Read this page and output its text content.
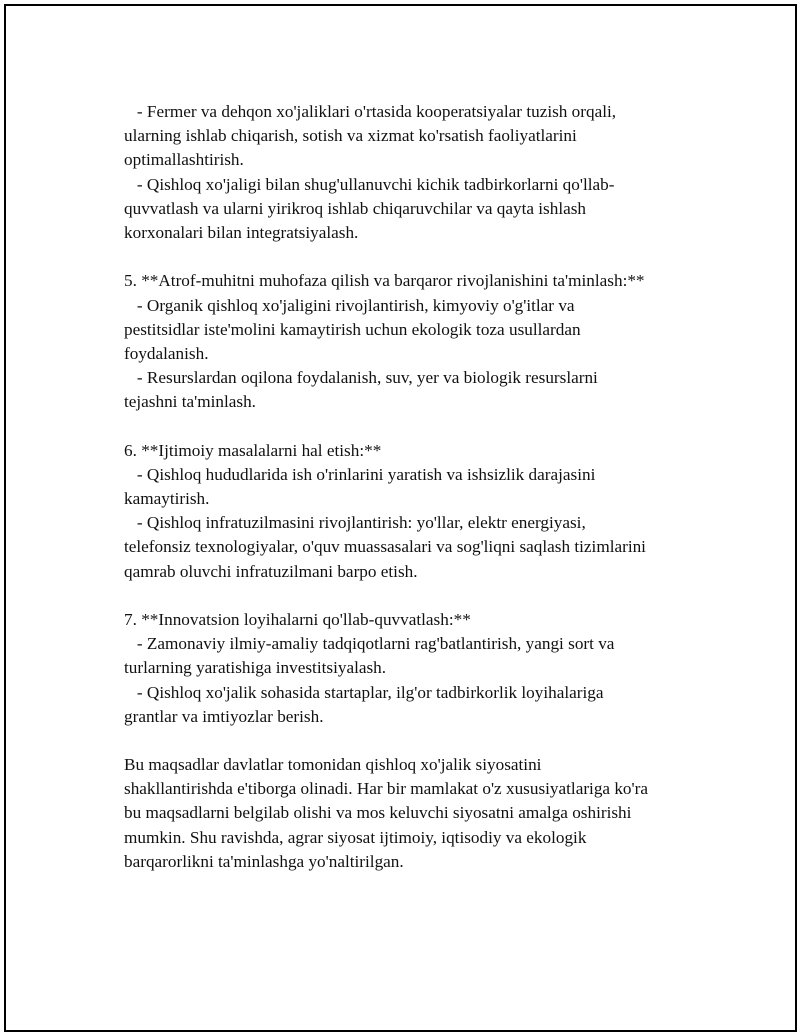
- Fermer va dehqon xo'jaliklari o'rtasida kooperatsiyalar tuzish orqali,
ularning ishlab chiqarish, sotish va xizmat ko'rsatish faoliyatlarini
optimallashtirish.
- Qishloq xo'jaligi bilan shug'ullanuvchi kichik tadbirkorlarni qo'llab-
quvvatlash va ularni yirikroq ishlab chiqaruvchilar va qayta ishlash
korxonalari bilan integratsiyalash.
5. **Atrof-muhitni muhofaza qilish va barqaror rivojlanishini ta'minlash:**
- Organik qishloq xo'jaligini rivojlantirish, kimyoviy o'g'itlar va
pestitsidlar iste'molini kamaytirish uchun ekologik toza usullardan
foydalanish.
- Resurslardan oqilona foydalanish, suv, yer va biologik resurslarni
tejashni ta'minlash.
6. **Ijtimoiy masalalarni hal etish:**
- Qishloq hududlarida ish o'rinlarini yaratish va ishsizlik darajasini
kamaytirish.
- Qishloq infratuzilmasini rivojlantirish: yo'llar, elektr energiyasi,
telefonsiz texnologiyalar, o'quv muassasalari va sog'liqni saqlash tizimlarini
qamrab oluvchi infratuzilmani barpo etish.
7. **Innovatsion loyihalarni qo'llab-quvvatlash:**
- Zamonaviy ilmiy-amaliy tadqiqotlarni rag'batlantirish, yangi sort va
turlarning yaratishiga investitsiyalash.
- Qishloq xo'jalik sohasida startaplar, ilg'or tadbirkorlik loyihalariga
grantlar va imtiyozlar berish.
Bu maqsadlar davlatlar tomonidan qishloq xo'jalik siyosatini
shakllantirishda e'tiborga olinadi. Har bir mamlakat o'z xususiyatlariga ko'ra
bu maqsadlarni belgilab olishi va mos keluvchi siyosatni amalga oshirishi
mumkin. Shu ravishda, agrar siyosat ijtimoiy, iqtisodiy va ekologik
barqarorlikni ta'minlashga yo'naltirilgan.
